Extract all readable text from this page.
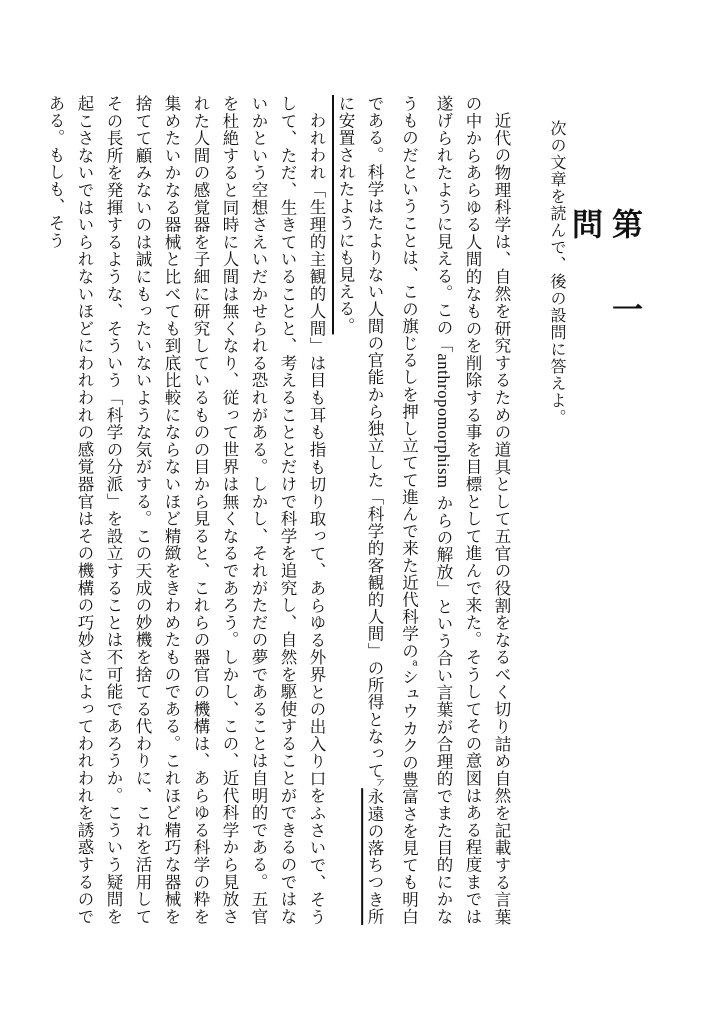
第一問
次の文章を読んで、後の設問に答えよ。

近代の物理科学は、自然を研究するための道具として五官の役割をなるべく切り詰め自然を記載する言葉の中からあらゆる人間的なものを削除する事を目標として進んで来た。そうしてその意図はある程度までは遂げられたように見える。この「anthropomorphism からの解放」という合い言葉が合理的でまた目的にかなうものだということは、この旗じるしを押し立てて進んで来た近代科学の$^a$シュウカクの豊富さを見ても明白である。科学はたよりない人間の官能から独立した「科学的客観的人間」の所得となって$^ア$永遠の落ちつき所に安置されたようにも見える。

われわれ「生理的主観的人間」は目も耳も指も切り取って、あらゆる外界との出入り口をふさいで、そうして、ただ、生きていることと、考えることとだけで科学を追究し、自然を駆使することができるのではないかという空想さえいだかせられる恐れがある。しかし、それがただの夢であることは自明的である。五官を杜絶すると同時に人間は無くなり、従って世界は無くなるであろう。しかし、この、近代科学から見放された人間の感覚器を子細に研究しているものの目から見ると、これらの器官の機構は、あらゆる科学の粋を集めたいかなる器械と比べても到底比較にならないほど精緻をきわめたものである。これほど精巧な器械を捨てて顧みないのは誠にもったいないような気がする。この天成の妙機を捨てる代わりに、これを活用してその長所を発揮するような、そういう「科学の分派」を設立することは不可能であろうか。こういう疑問を起こさないではいられないほどにわれわれの感覚器官はその機構の巧妙さによってわれわれを誘惑するのである。もしも、そう
